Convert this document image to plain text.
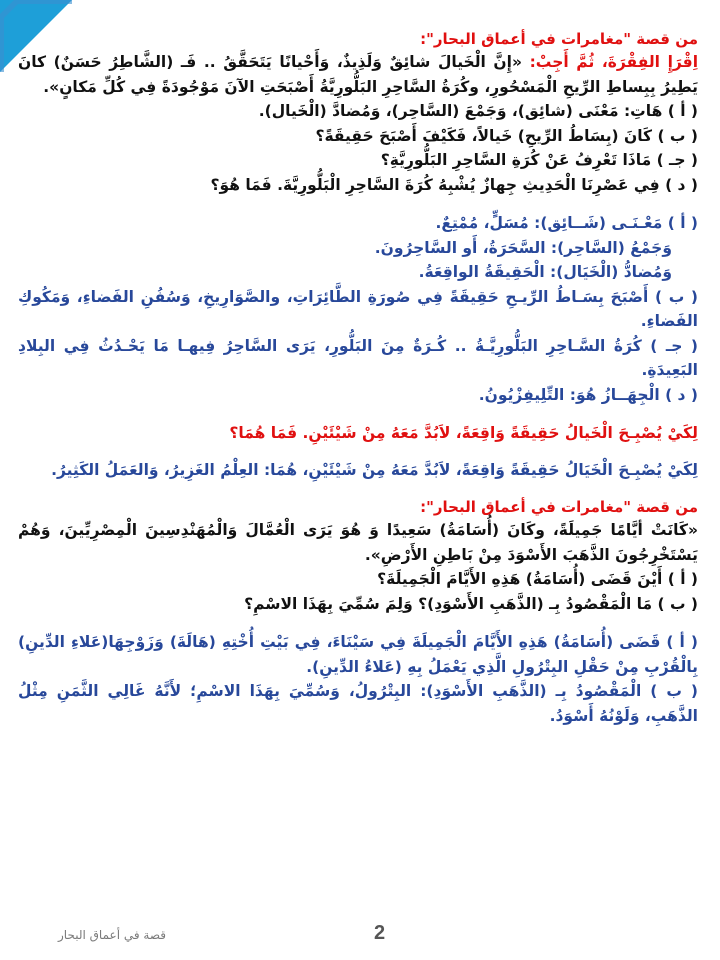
من قصة "مغامرات في أعماق البحار":
اِقْرَإِ الفِقْرَةَ، ثُمَّ أَجِبْ: «إِنَّ الْخَيالَ شائِقٌ وَلَذِيذٌ، وَأَحْيانًا يَتَحَقَّقُ .. فَـ (الشَّاطِرُ حَسَنٌ) كانَ يَطِيرُ بِبِساطِ الرِّيحِ الْمَسْحُورِ، وكُرَةُ السَّاحِرِ البَلُّورِيَّةُ أَصْبَحَتِ الآنَ مَوْجُودَةً فِي كُلِّ مَكانٍ».
( أ ) هَاتِ: مَعْنَى (شائِق)، وَجَمْعَ (السَّاحِر)، وَمُضادَّ (الْخَيال).
( ب ) كَانَ (بِسَاطُ الرِّيحِ) خَيالاً، فَكَيْفَ أَصْبَحَ حَقِيقَةً؟
( جـ ) مَاذَا تَعْرِفُ عَنْ كُرَةِ السَّاحِرِ البَلُّورِيَّةِ؟
( د ) فِي عَصْرِنَا الْحَدِيثِ جِهازٌ يُشْبِهُ كُرَةَ السَّاحِرِ الْبَلُّورِيَّةَ. فَمَا هُوَ؟
( أ ) مَعْـنَـى (شَــائِق): مُسَلٍّ، مُمْتِعٌ.
وَجَمْعُ (السَّاحِر): السَّحَرَةُ، أَو السَّاحِرُونَ.
وَمُضادُّ (الْخَيَال): الْحَقِيقَةُ الواقِعَةُ.
( ب ) أَصْبَحَ بِسَـاطُ الرِّيـحِ حَقِيقَةً فِي صُورَةِ الطَّائِرَاتِ، والصَّوَارِيخِ، وَسُفُنِ الفَضاءِ، وَمَكُوكِ الفَضاءِ.
( جـ ) كُرَةُ السَّـاحِرِ البَلُّورِيَّـةُ .. كُـرَةٌ مِنَ البَلُّورِ، يَرَى السَّاحِرُ فِيهـا مَا يَحْـدُثُ فِي البِلادِ البَعِيدَةِ.
( د ) الْجِهَــازُ هُوَ: التِّلِيفِزْيُونُ.
لِكَيْ يُصْبِـحَ الْخَيالُ حَقِيقَةً وَاقِعَةً، لاَبُدَّ مَعَهُ مِنْ شَيْئَيْنِ. فَمَا هُمَا؟
لِكَيْ يُصْبِـحَ الْخَيَالُ حَقِيقَةً وَاقِعَةً، لاَبُدَّ مَعَهُ مِنْ شَيْئَيْنِ، هُمَا: العِلْمُ الغَزِيرُ، وَالعَمَلُ الكَثِيرُ.
من قصة "مغامرات في أعماق البحار":
«كَانَتْ أيَّامًا جَمِيلَةً، وكَانَ (أُسَامَةُ) سَعِيدًا وَ هُوَ يَرَى الْعُمَّالَ وَالْمُهَنْدِسِينَ الْمِصْرِيِّينَ، وَهُمْ يَسْتَخْرِجُونَ الذَّهَبَ الأَسْوَدَ مِنْ بَاطِنِ الأَرْضِ».
( أ ) أَيْنَ قَضَى (أُسَامَةُ) هَذِهِ الأَيَّامَ الْجَمِيلَةَ؟
( ب ) مَا الْمَقْصُودُ بِـ (الذَّهَبِ الأَسْوَدِ)؟ وَلِمَ سُمِّيَ بِهَذَا الاسْمِ؟
( أ ) قَضَى (أُسَامَةُ) هَذِهِ الأَيَّامَ الْجَمِيلَةَ فِي سَيْنَاءَ، فِي بَيْتِ أُخْتِهِ (هَالَةَ) وَزَوْجِهَا(عَلاءِ الدِّينِ) بِالْقُرْبِ مِنْ حَقْلِ البِتْرُولِ الَّذِي يَعْمَلُ بِهِ (عَلاءُ الدِّينِ).
( ب ) الْمَقْصُودُ بِـ (الذَّهَبِ الأَسْوَدِ): البِتْرُولُ، وَسُمِّيَ بِهَذَا الاسْمِ؛ لأَنَّهُ غَالِي الثَّمَنِ مِثْلُ الذَّهَبِ، وَلَوْنُهُ أَسْوَدُ.
قصة في أعماق البحار	2
